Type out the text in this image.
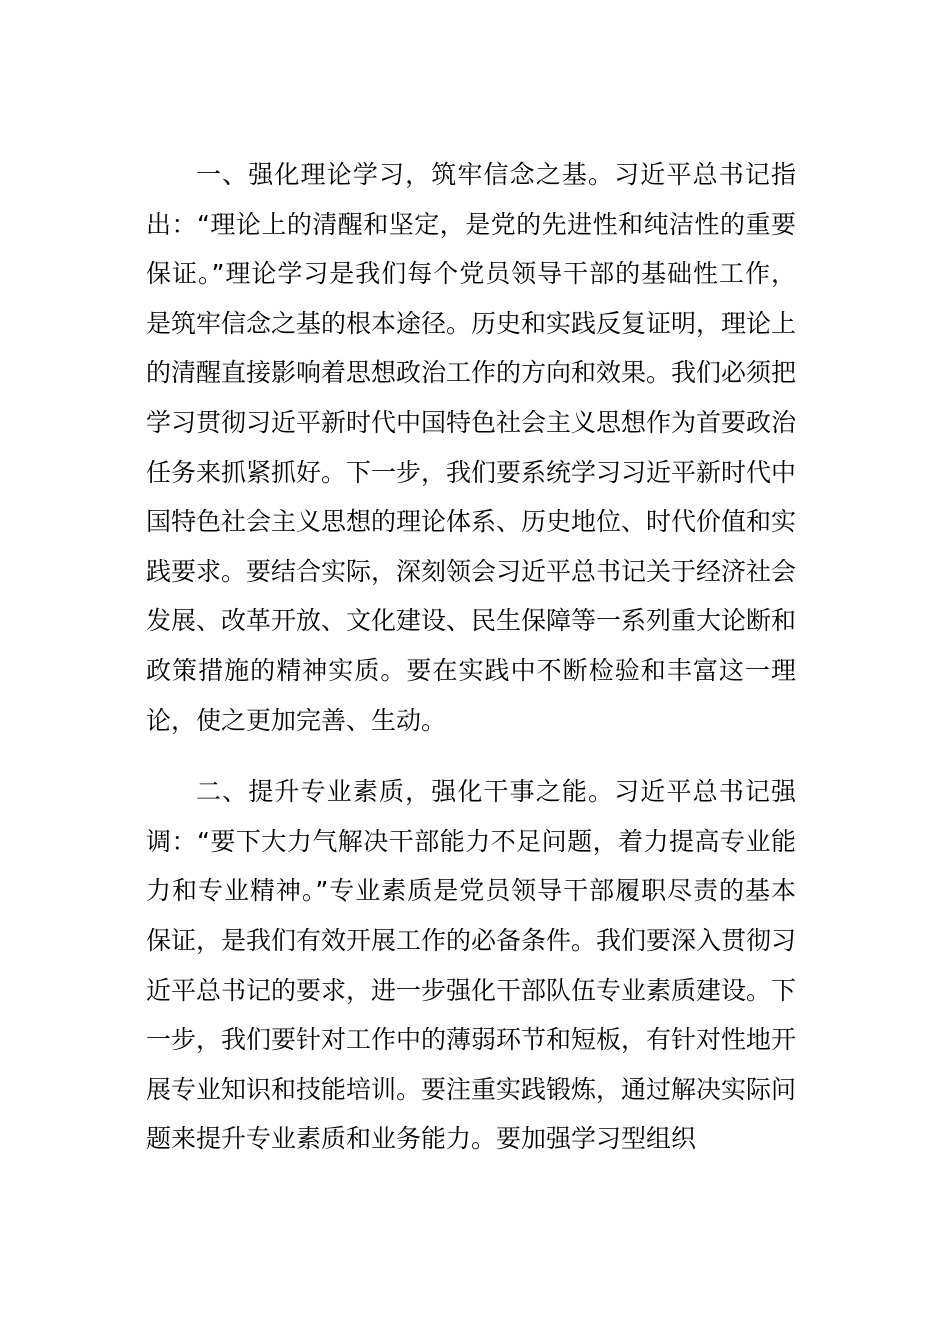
一、强化理论学习，筑牢信念之基。习近平总书记指出：“理论上的清醒和坚定，是党的先进性和纯洁性的重要保证。”理论学习是我们每个党员领导干部的基础性工作，是筑牢信念之基的根本途径。历史和实践反复证明，理论上的清醒直接影响着思想政治工作的方向和效果。我们必须把学习贯彻习近平新时代中国特色社会主义思想作为首要政治任务来抓紧抓好。下一步，我们要系统学习习近平新时代中国特色社会主义思想的理论体系、历史地位、时代价值和实践要求。要结合实际，深刻领会习近平总书记关于经济社会发展、改革开放、文化建设、民生保障等一系列重大论断和政策措施的精神实质。要在实践中不断检验和丰富这一理论，使之更加完善、生动。

二、提升专业素质，强化干事之能。习近平总书记强调：“要下大力气解决干部能力不足问题，着力提高专业能力和专业精神。”专业素质是党员领导干部履职尽责的基本保证，是我们有效开展工作的必备条件。我们要深入贯彻习近平总书记的要求，进一步强化干部队伍专业素质建设。下一步，我们要针对工作中的薄弱环节和短板，有针对性地开展专业知识和技能培训。要注重实践锻炼，通过解决实际问题来提升专业素质和业务能力。要加强学习型组织
